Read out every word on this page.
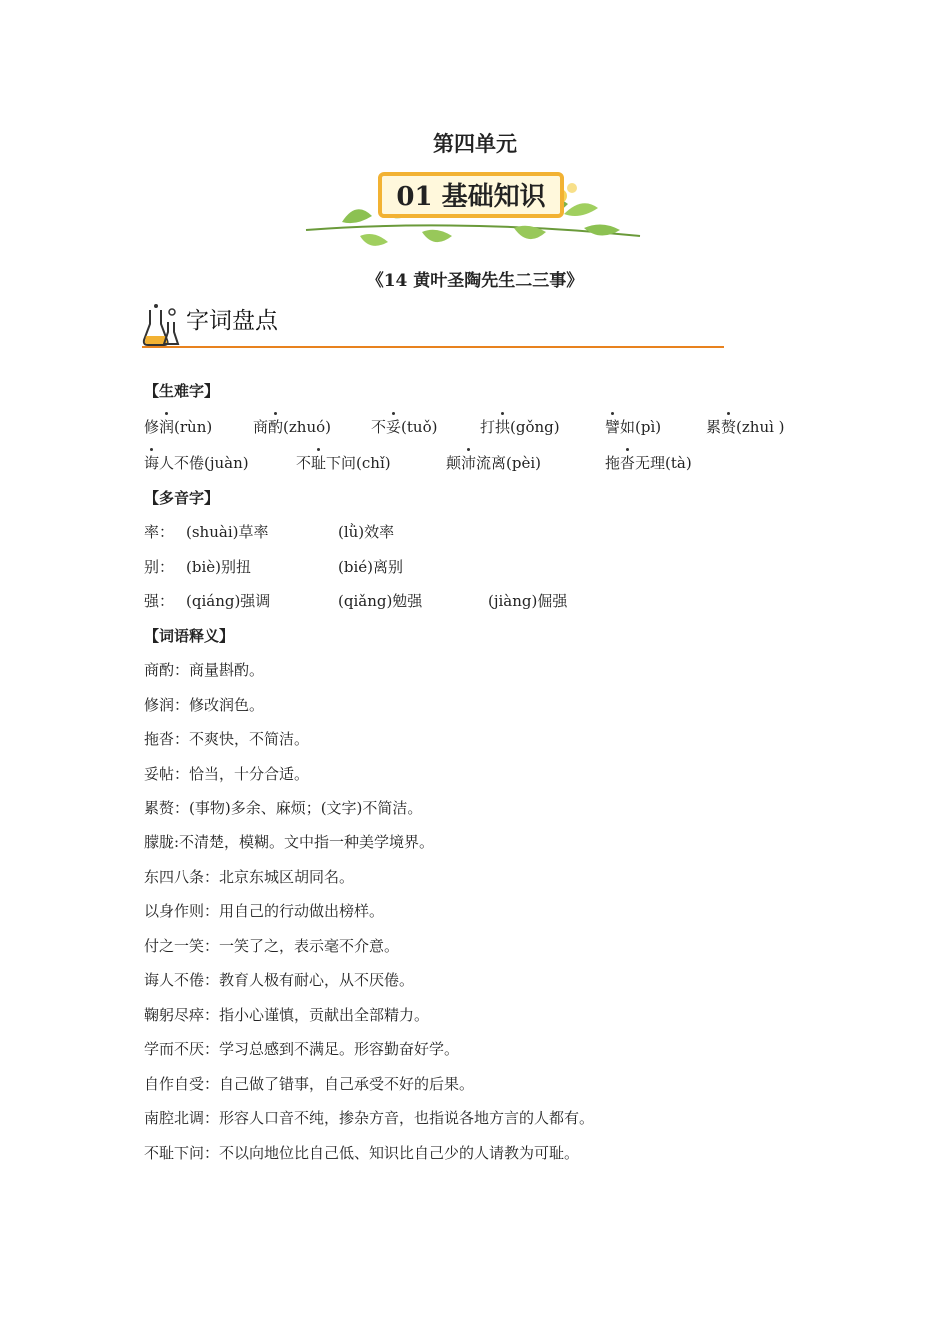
第四单元
01 基础知识
《14 黄叶圣陶先生二三事》
字词盘点
【生难字】
修润(rùn)	商酌(zhuó)	不妥(tuǒ)	打拱(gǒng)	譬如(pì)	累赘(zhuì )
诲人不倦(juàn)	不耻下问(chǐ)	颠沛流离(pèi)	拖沓无理(tà)
【多音字】
率： (shuài)草率	(lǜ)效率
别： (biè)别扭	(bié)离别
强： (qiáng)强调	(qiǎng)勉强	(jiàng)倔强
【词语释义】
商酌：商量斟酌。
修润：修改润色。
拖沓：不爽快，不简洁。
妥帖：恰当，十分合适。
累赘：(事物)多余、麻烦；(文字)不简洁。
朦胧:不清楚，模糊。文中指一种美学境界。
东四八条：北京东城区胡同名。
以身作则：用自己的行动做出榜样。
付之一笑：一笑了之，表示毫不介意。
诲人不倦：教育人极有耐心，从不厌倦。
鞠躬尽瘁：指小心谨慎，贡献出全部精力。
学而不厌：学习总感到不满足。形容勤奋好学。
自作自受：自己做了错事，自己承受不好的后果。
南腔北调：形容人口音不纯，掺杂方音，也指说各地方言的人都有。
不耻下问：不以向地位比自己低、知识比自己少的人请教为可耻。
